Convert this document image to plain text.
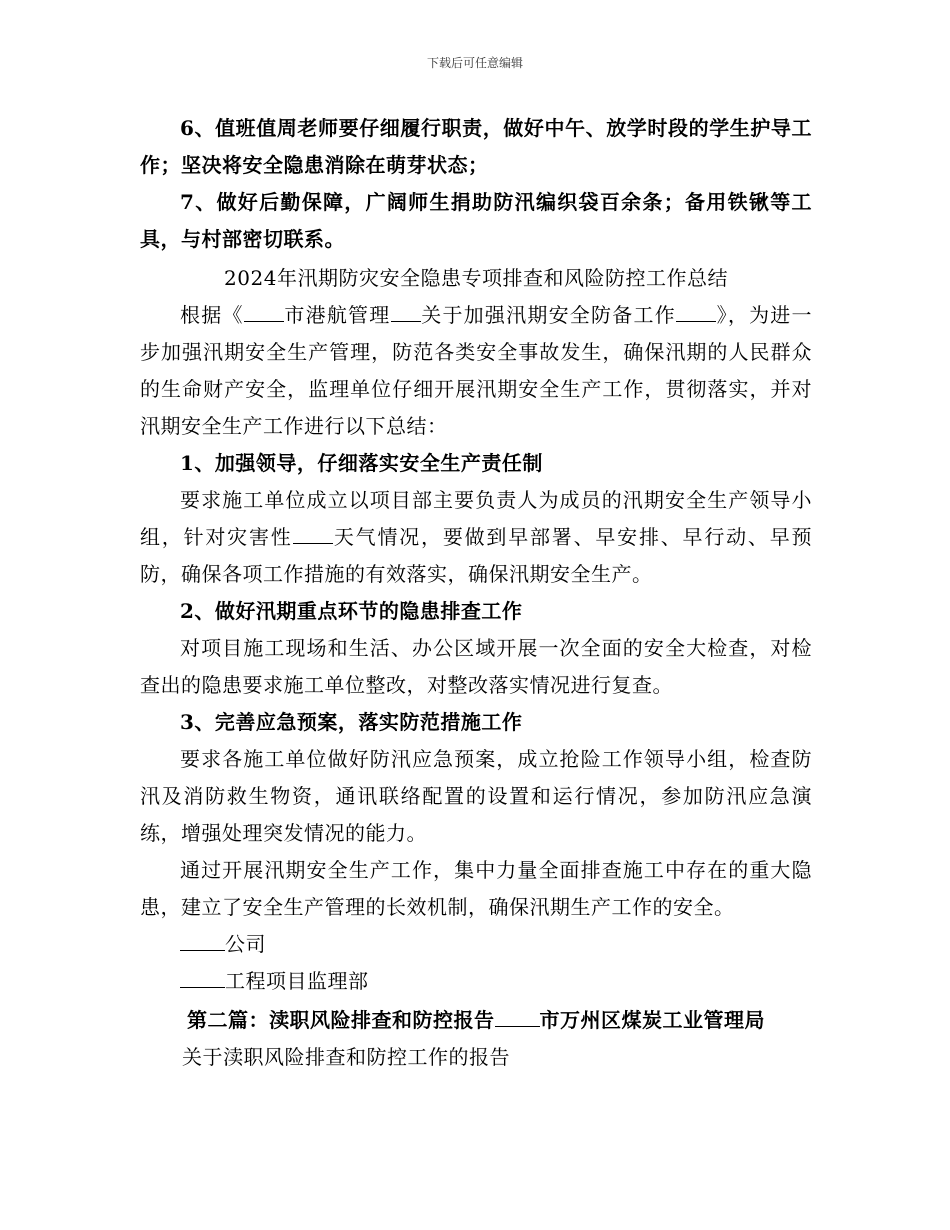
下载后可任意编辑

6、值班值周老师要仔细履行职责，做好中午、放学时段的学生护导工作；坚决将安全隐患消除在萌芽状态；

7、做好后勤保障，广阔师生捐助防汛编织袋百余条；备用铁锹等工具，与村部密切联系。

2024年汛期防灾安全隐患专项排查和风险防控工作总结

根据《 市港航管理 关于加强汛期安全防备工作 》，为进一步加强汛期安全生产管理，防范各类安全事故发生，确保汛期的人民群众的生命财产安全，监理单位仔细开展汛期安全生产工作，贯彻落实，并对汛期安全生产工作进行以下总结：

1、加强领导，仔细落实安全生产责任制

要求施工单位成立以项目部主要负责人为成员的汛期安全生产领导小组，针对灾害性 天气情况，要做到早部署、早安排、早行动、早预防，确保各项工作措施的有效落实，确保汛期安全生产。

2、做好汛期重点环节的隐患排查工作

对项目施工现场和生活、办公区域开展一次全面的安全大检查，对检查出的隐患要求施工单位整改，对整改落实情况进行复查。

3、完善应急预案，落实防范措施工作

要求各施工单位做好防汛应急预案，成立抢险工作领导小组，检查防汛及消防救生物资，通讯联络配置的设置和运行情况，参加防汛应急演练，增强处理突发情况的能力。

通过开展汛期安全生产工作，集中力量全面排查施工中存在的重大隐患，建立了安全生产管理的长效机制，确保汛期生产工作的安全。

公司

工程项目监理部

第二篇：渎职风险排查和防控报告 市万州区煤炭工业管理局

关于渎职风险排查和防控工作的报告
